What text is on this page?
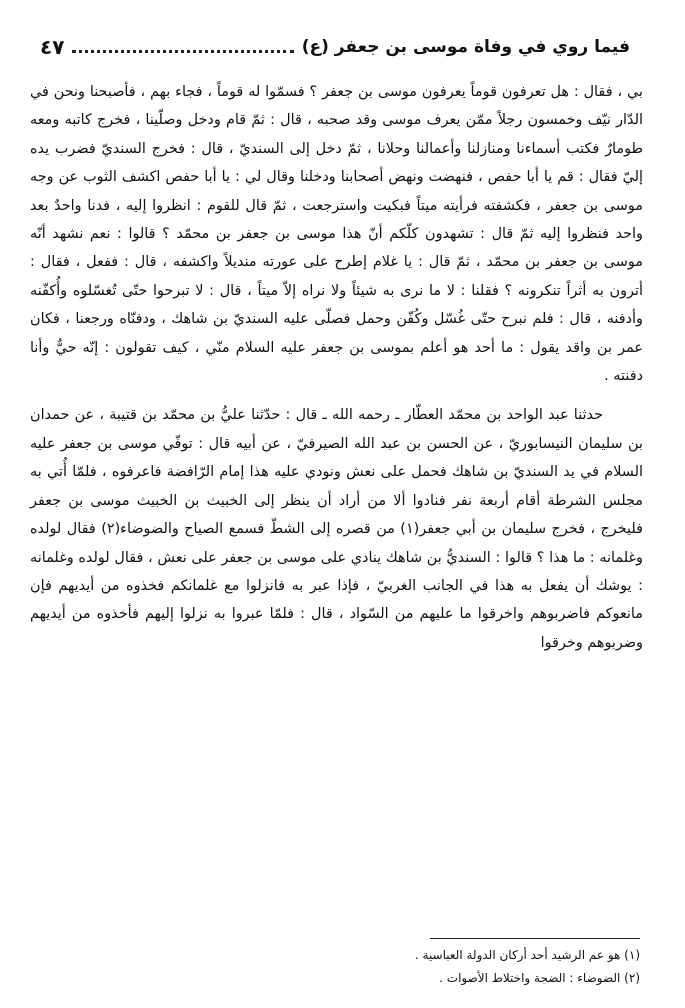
فيما روي في وفاة موسى بن جعفر (ع)
٤٧

بي ، فقال : هل تعرفون قوماً يعرفون موسى بن جعفر ؟ فسمّوا له قوماً ، فجاء بهم ، فأصبحنا ونحن في الدّار نيّف وخمسون رجلاً ممّن يعرف موسى وقد صحبه ، قال : ثمّ قام ودخل وصلّينا ، فخرج كاتبه ومعه طومارٌ فكتب أسماءنا ومنازلنا وأعمالنا وحلانا ، ثمّ دخل إلى السنديّ ، قال : فخرج السنديّ فضرب يده إليّ فقال : قم يا أبا حفص ، فنهضت ونهض أصحابنا ودخلنا وقال لي : يا أبا حفص اكشف الثوب عن وجه موسى بن جعفر ، فكشفته فرأيته ميتاً فبكيت واسترجعت ، ثمّ قال للقوم : انظروا إليه ، فدنا واحدٌ بعد واحد فنظروا إليه ثمّ قال : تشهدون كلّكم أنّ هذا موسى بن جعفر بن محمّد ؟ قالوا : نعم نشهد أنّه موسى بن جعفر بن محمّد ، ثمّ قال : يا غلام إطرح على عورته منديلاً واكشفه ، قال : ففعل ، فقال : أترون به أثراً تنكرونه ؟ فقلنا : لا ما نرى به شيئاً ولا نراه إلاّ ميتاً ، قال : لا تبرحوا حتّى تُغسّلوه وأُكفّنه وأدفنه ، قال : فلم نبرح حتّى غُسّل وكُفّن وحمل فصلّى عليه السنديّ بن شاهك ، ودفنّاه ورجعنا ، فكان عمر بن واقد يقول : ما أحد هو أعلم بموسى بن جعفر عليه السلام منّي ، كيف تقولون : إنّه حيٌّ وأنا دفنته .

حدثنا عبد الواحد بن محمّد العطّار ـ رحمه الله ـ قال : حدّثنا عليُّ بن محمّد بن قتيبة ، عن حمدان بن سليمان النيسابوريّ ، عن الحسن بن عبد الله الصيرفيّ ، عن أبيه قال : توفّي موسى بن جعفر عليه السلام في يد السنديّ بن شاهك فحمل على نعش ونودي عليه هذا إمام الرّافضة فاعرفوه ، فلمّا أُتي به مجلس الشرطة أقام أربعة نفر فنادوا ألا من أراد أن ينظر إلى الخبيث بن الخبيث موسى بن جعفر فليخرج ، فخرج سليمان بن أبي جعفر(١) من قصره إلى الشطّ فسمع الصياح والضوضاء(٢) فقال لولده وغلمانه : ما هذا ؟ قالوا : السنديُّ بن شاهك ينادي على موسى بن جعفر على نعش ، فقال لولده وغلمانه : يوشك أن يفعل به هذا في الجانب الغربيّ ، فإذا عبر به فانزلوا مع غلمانكم فخذوه من أيديهم فإن مانعوكم فاضربوهم واخرقوا ما عليهم من السّواد ، قال : فلمّا عبروا به نزلوا إليهم فأخذوه من أيديهم وضربوهم وخرقوا

(١) هو عم الرشيد أحد أركان الدولة العباسية .
(٢) الضوضاء : الضجة واختلاط الأصوات .
